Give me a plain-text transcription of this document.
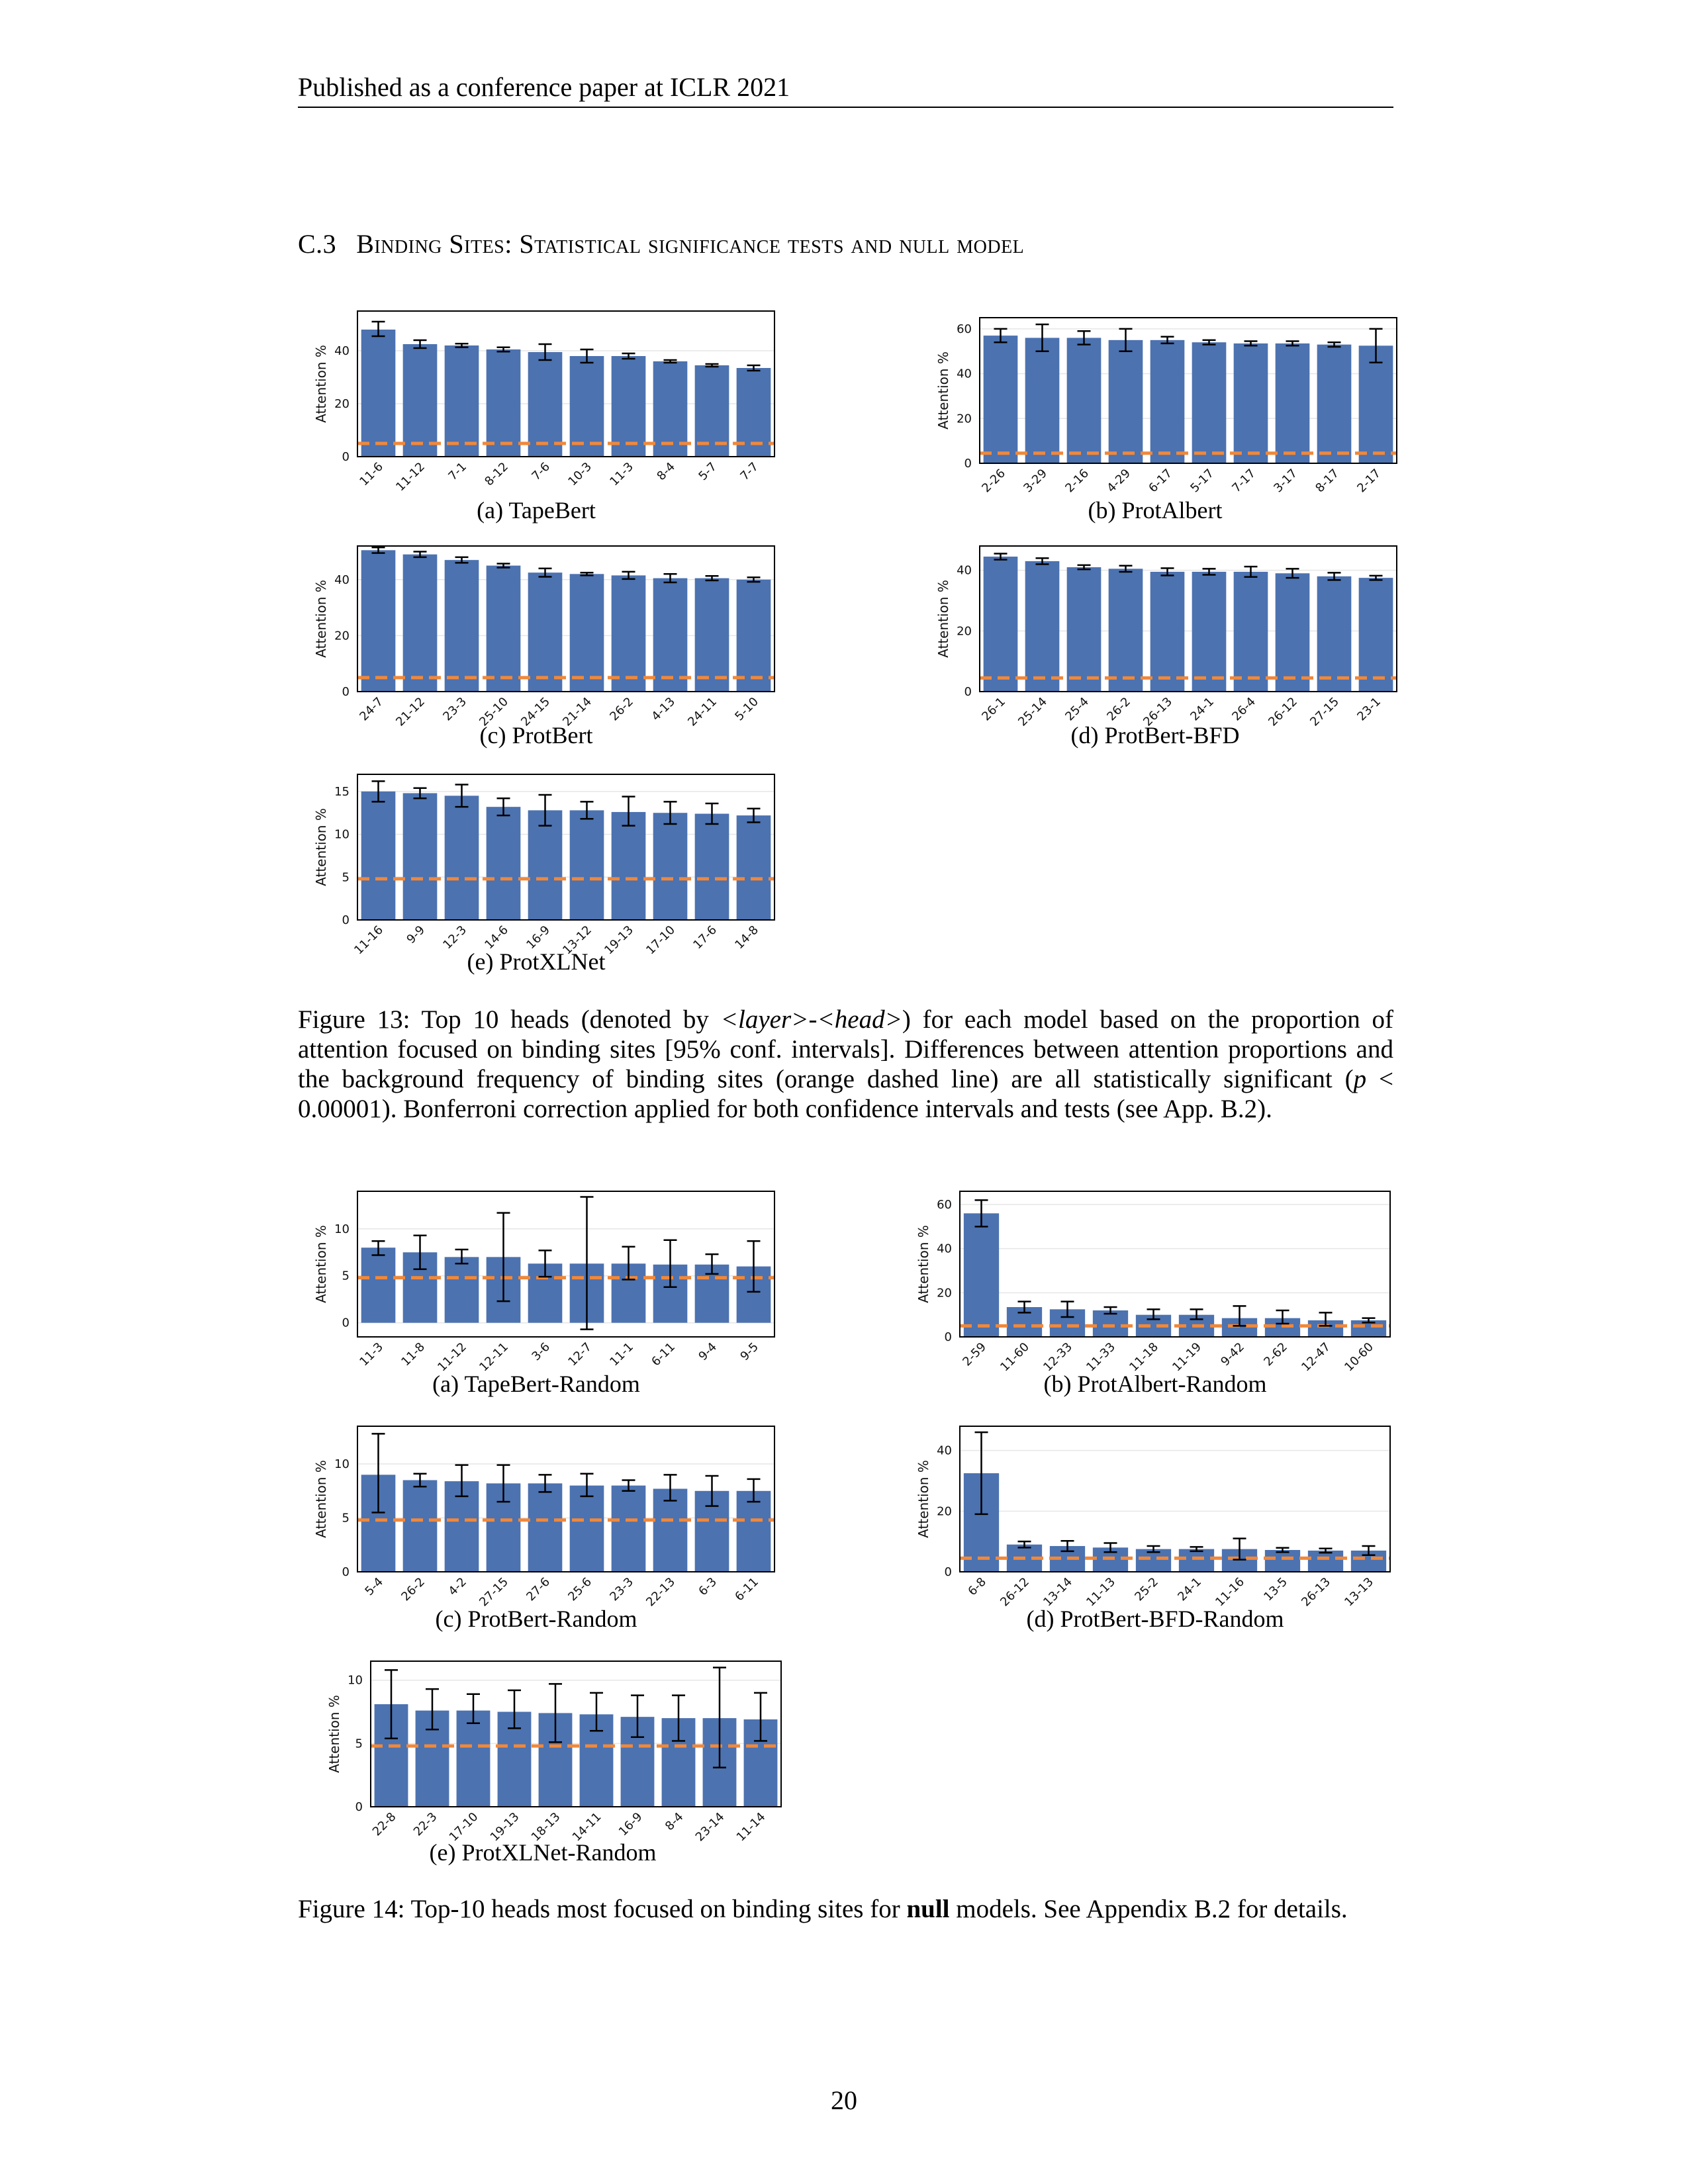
Published as a conference paper at ICLR 2021
C.3 Binding Sites: Statistical significance tests and null model
0
20
40
11-6 11-12 7-1 8-12 7-6 10-3 11-3 8-4 5-7 7-7
Attention %
(a) TapeBert
0
20
40
60
2-26 3-29 2-16 4-29 6-17 5-17 7-17 3-17 8-17 2-17
Attention %
(b) ProtAlbert
0
20
40
24-7 21-12 23-3 25-10 24-15 21-14 26-2 4-13 24-11 5-10
Attention %
(c) ProtBert
0
20
40
26-1 25-14 25-4 26-2 26-13 24-1 26-4 26-12 27-15 23-1
Attention %
(d) ProtBert-BFD
0
5
10
15
11-16 9-9 12-3 14-6 16-9 13-12 19-13 17-10 17-6 14-8
Attention %
(e) ProtXLNet
Figure 13: Top 10 heads (denoted by <layer>-<head>) for each model based on the proportion of attention focused on binding sites [95% conf. intervals]. Differences between attention proportions and the background frequency of binding sites (orange dashed line) are all statistically significant (p < 0.00001). Bonferroni correction applied for both confidence intervals and tests (see App. B.2).
0
5
10
11-3 11-8 11-12 12-11 3-6 12-7 11-1 6-11 9-4 9-5
Attention %
(a) TapeBert-Random
0
20
40
60
2-59 11-60 12-33 11-33 11-18 11-19 9-42 2-62 12-47 10-60
Attention %
(b) ProtAlbert-Random
0
5
10
5-4 26-2 4-2 27-15 27-6 25-6 23-3 22-13 6-3 6-11
Attention %
(c) ProtBert-Random
0
20
40
6-8 26-12 13-14 11-13 25-2 24-1 11-16 13-5 26-13 13-13
Attention %
(d) ProtBert-BFD-Random
0
5
10
22-8 22-3 17-10 19-13 18-13 14-11 16-9 8-4 23-14 11-14
Attention %
(e) ProtXLNet-Random
Figure 14: Top-10 heads most focused on binding sites for null models. See Appendix B.2 for details.
20
